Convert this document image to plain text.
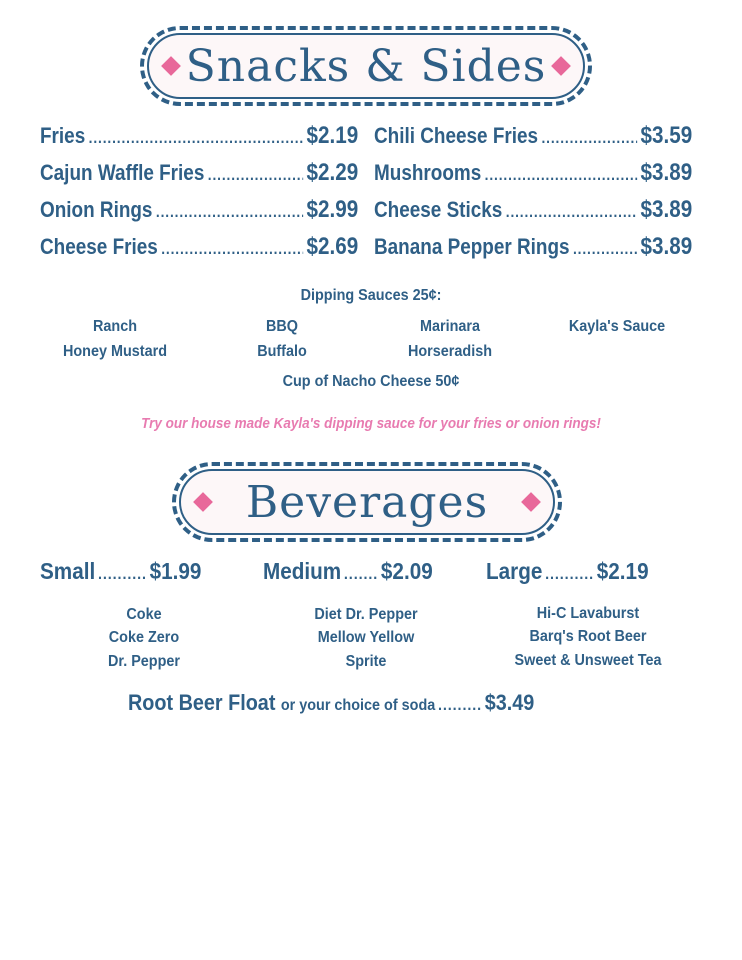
Snacks & Sides
Fries .....	$2.19
Cajun Waffle Fries .....	$2.29
Onion Rings .....	$2.99
Cheese Fries .....	$2.69
Chili Cheese Fries .....	$3.59
Mushrooms .....	$3.89
Cheese Sticks .....	$3.89
Banana Pepper Rings .....	$3.89
Dipping Sauces 25¢:
Ranch	BBQ	Marinara	Kayla's Sauce
Honey Mustard	Buffalo	Horseradish
Cup of Nacho Cheese 50¢
Try our house made Kayla's dipping sauce for your fries or onion rings!
Beverages
Small .......... $1.99	Medium ....... $2.09 Large .......... $2.19
Coke
Coke Zero
Dr. Pepper
Diet Dr. Pepper
Mellow Yellow
Sprite
Hi-C Lavaburst
Barq's Root Beer
Sweet & Unsweet Tea
Root Beer Float or your choice of soda ......... $3.49
